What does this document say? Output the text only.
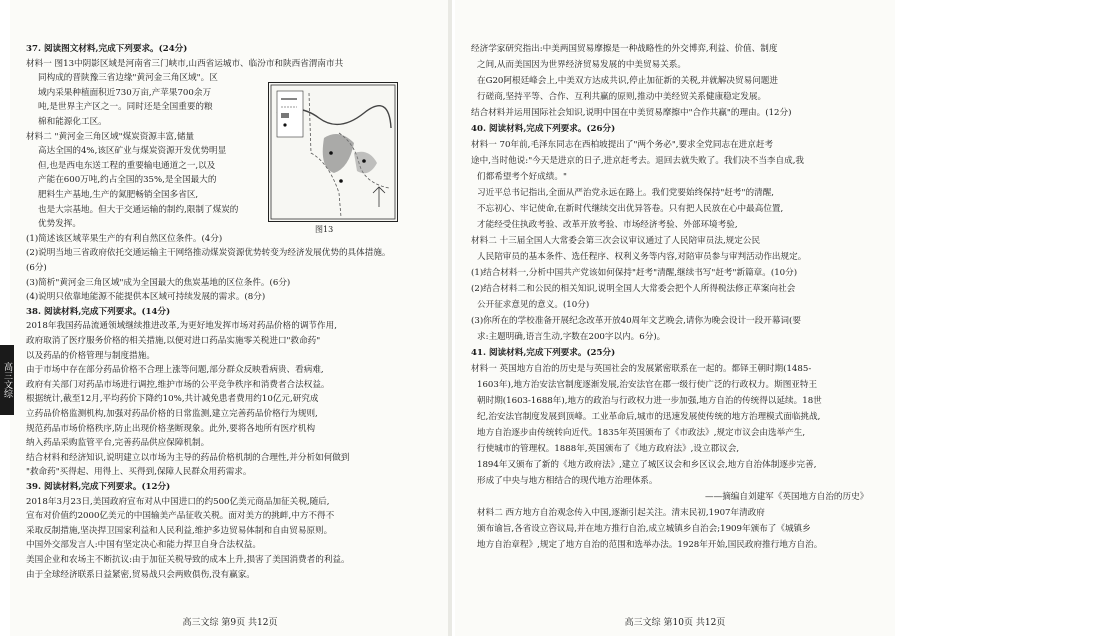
37. 阅读图文材料,完成下列要求。(24分)
材料一 图13中阴影区域是河南省三门峡市,山西省运城市、临汾市和陕西省渭南市共
同构成的晋陕豫三省边缘"黄河金三角区域"。区
域内采果种植面积近730万亩,产苹果700余万
吨,是世界主产区之一。同时还是全国重要的粮
棉和能源化工区。
材料二 "黄河金三角区域"煤炭资源丰富,储量
高达全国的4%,该区矿业与煤炭资源开发优势明显
但,也是西电东送工程的重要输电通道之一,以及
产能在600万吨,约占全国的35%,是全国最大的
肥料生产基地,生产的氮肥畅销全国多省区,
也是大宗基地。但大于交通运输的制约,限制了煤炭的
优势发挥。
(1)简述该区域苹果生产的有利自然区位条件。(4分)
(2)说明当地三省政府依托交通运输主干网络推动煤炭资源优势转变为经济发展优势的具体措施。
(6分)
(3)简析"黄河金三角区域"成为全国最大的焦炭基地的区位条件。(6分)
(4)说明只依靠地能源不能提供本区域可持续发展的需求。(8分)
38. 阅读材料,完成下列要求。(14分)
2018年我国药品流通领域继续推进改革,为更好地发挥市场对药品价格的调节作用,
政府取消了医疗服务价格的相关措施,以便对进口药品实施零关税进口"救命药"
以及药品的价格管理与制度措施。
由于市场中存在部分药品价格不合理上涨等问题,部分群众反映看病贵、看病难,
政府有关部门对药品市场进行调控,维护市场的公平竞争秩序和消费者合法权益。
根据统计,截至12月,平均药价下降约10%,共计减免患者费用约10亿元,研究成
立药品价格监测机构,加强对药品价格的日常监测,建立完善药品价格行为规则,
规范药品市场价格秩序,防止出现价格垄断现象。此外,要将各地所有医疗机构
纳入药品采购监管平台,完善药品供应保障机制。
结合材料和经济知识,说明建立以市场为主导的药品价格机制的合理性,并分析如何做到
"救命药"买得起、用得上、买得到,保障人民群众用药需求。
39. 阅读材料,完成下列要求。(12分)
2018年3月23日,美国政府宣布对从中国进口的约500亿美元商品加征关税,随后,
宣布对价值约2000亿美元的中国输美产品征收关税。面对美方的挑衅,中方不得不
采取反制措施,坚决捍卫国家利益和人民利益,维护多边贸易体制和自由贸易原则。
中国外交部发言人:中国有坚定决心和能力捍卫自身合法权益。
美国企业和农场主不断抗议:由于加征关税导致的成本上升,损害了美国消费者的利益。
由于全球经济联系日益紧密,贸易战只会两败俱伤,没有赢家。
图13
高三文综 第9页 共12页
经济学家研究指出:中美两国贸易摩擦是一种战略性的外交博弈,利益、价值、制度
之间,从而美国因为世界经济贸易发展的中美贸易关系。
在G20阿根廷峰会上,中美双方达成共识,停止加征新的关税,并就解决贸易问题进
行磋商,坚持平等、合作、互利共赢的原则,推动中美经贸关系健康稳定发展。
结合材料并运用国际社会知识,说明中国在中美贸易摩擦中"合作共赢"的理由。(12分)
40. 阅读材料,完成下列要求。(26分)
材料一 70年前,毛泽东同志在西柏坡提出了"两个务必",要求全党同志在进京赶考
途中,当时他说:"今天是进京的日子,进京赶考去。退回去就失败了。我们决不当李自成,我
们都希望考个好成绩。"
习近平总书记指出,全面从严治党永远在路上。我们党要始终保持"赶考"的清醒,
不忘初心、牢记使命,在新时代继续交出优异答卷。只有把人民放在心中最高位置,
才能经受住执政考验、改革开放考验、市场经济考验、外部环境考验,
材料二 十三届全国人大常委会第三次会议审议通过了人民陪审员法,规定公民
人民陪审员的基本条件、选任程序、权利义务等内容,对陪审员参与审判活动作出规定。
(1)结合材料一,分析中国共产党该如何保持"赶考"清醒,继续书写"赶考"新篇章。(10分)
(2)结合材料二和公民的相关知识,说明全国人大常委会把个人所得税法修正草案向社会
公开征求意见的意义。(10分)
(3)你所在的学校准备开展纪念改革开放40周年文艺晚会,请你为晚会设计一段开幕词(要
求:主题明确,语言生动,字数在200字以内。6分)。
41. 阅读材料,完成下列要求。(25分)
材料一 英国地方自治的历史是与英国社会的发展紧密联系在一起的。都铎王朝时期(1485-
1603年),地方治安法官制度逐渐发展,治安法官在郡一级行使广泛的行政权力。斯图亚特王
朝时期(1603-1688年),地方的政治与行政权力进一步加强,地方自治的传统得以延续。18世
纪,治安法官制度发展到顶峰。工业革命后,城市的迅速发展使传统的地方治理模式面临挑战,
地方自治逐步由传统转向近代。1835年英国颁布了《市政法》,规定市议会由选举产生,
行使城市的管理权。1888年,英国颁布了《地方政府法》,设立郡议会,
1894年又颁布了新的《地方政府法》,建立了城区议会和乡区议会,地方自治体制逐步完善,
形成了中央与地方相结合的现代地方治理体系。
——摘编自刘建军《英国地方自治的历史》
材料二 西方地方自治观念传入中国,逐渐引起关注。清末民初,1907年清政府
颁布谕旨,各省设立咨议局,并在地方推行自治,成立城镇乡自治会;1909年颁布了《城镇乡
地方自治章程》,规定了地方自治的范围和选举办法。1928年开始,国民政府推行地方自治。
高三文综 第10页 共12页
高三文综
